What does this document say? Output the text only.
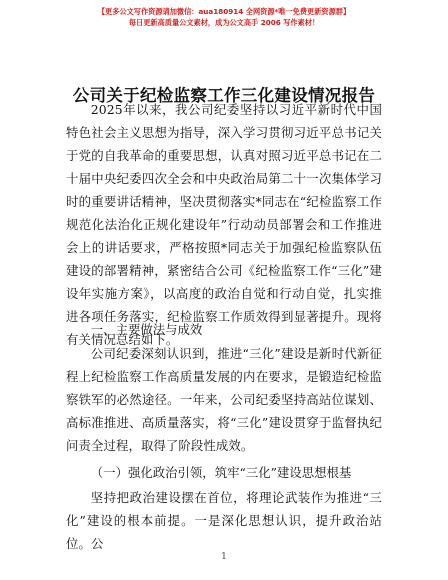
【更多公文写作资源请加微信：aua180914 全网资源*唯一免费更新资源群】
每日更新高质量公文素材，成为公文高手 2006 写作素材！
公司关于纪检监察工作三化建设情况报告

2025年以来，我公司纪委坚持以习近平新时代中国特色社会主义思想为指导，深入学习贯彻习近平总书记关于党的自我革命的重要思想，认真对照习近平总书记在二十届中央纪委四次全会和中央政治局第二十一次集体学习时的重要讲话精神，坚决贯彻落实*同志在“纪检监察工作规范化法治化正规化建设年”行动动员部署会和工作推进会上的讲话要求，严格按照*同志关于加强纪检监察队伍建设的部署精神，紧密结合公司《纪检监察工作“三化”建设年实施方案》，以高度的政治自觉和行动自觉，扎实推进各项任务落实，纪检监察工作质效得到显著提升。现将有关情况总结如下。

一、主要做法与成效

公司纪委深刻认识到，推进“三化”建设是新时代新征程上纪检监察工作高质量发展的内在要求，是锻造纪检监察铁军的必然途径。一年来，公司纪委坚持高站位谋划、高标准推进、高质量落实，将“三化”建设贯穿于监督执纪问责全过程，取得了阶段性成效。

（一）强化政治引领，筑牢“三化”建设思想根基

坚持把政治建设摆在首位，将理论武装作为推进“三化”建设的根本前提。一是深化思想认识，提升政治站位。公

1
